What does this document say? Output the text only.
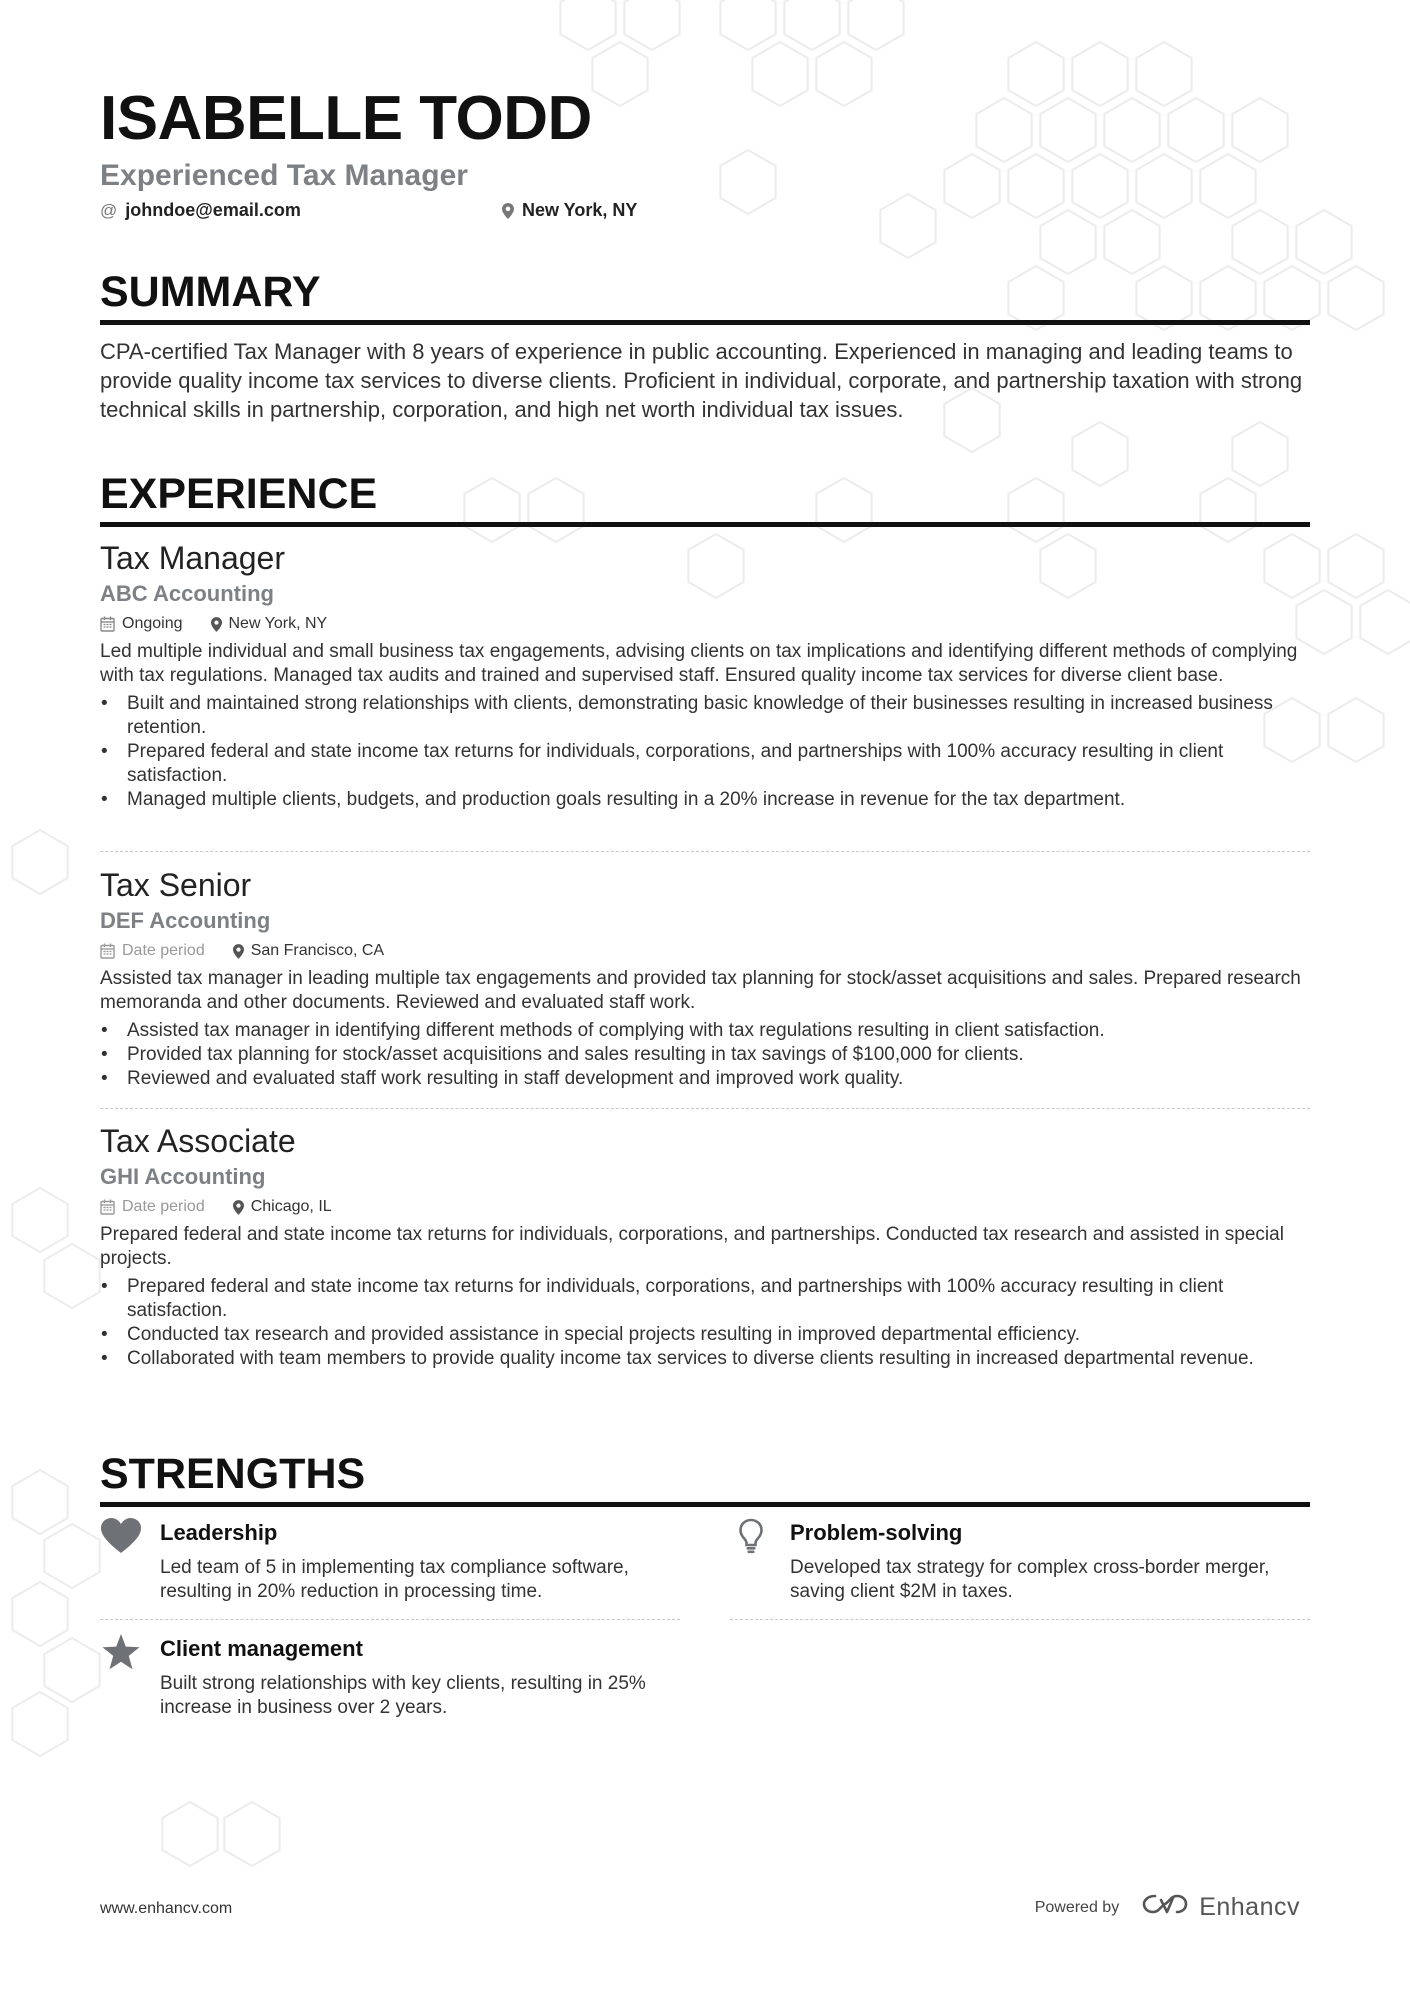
ISABELLE TODD
Experienced Tax Manager
@ johndoe@email.com	New York, NY
SUMMARY
CPA-certified Tax Manager with 8 years of experience in public accounting. Experienced in managing and leading teams to provide quality income tax services to diverse clients. Proficient in individual, corporate, and partnership taxation with strong technical skills in partnership, corporation, and high net worth individual tax issues.
EXPERIENCE
Tax Manager
ABC Accounting
Ongoing	New York, NY
Led multiple individual and small business tax engagements, advising clients on tax implications and identifying different methods of complying with tax regulations. Managed tax audits and trained and supervised staff. Ensured quality income tax services for diverse client base.
• Built and maintained strong relationships with clients, demonstrating basic knowledge of their businesses resulting in increased business retention.
• Prepared federal and state income tax returns for individuals, corporations, and partnerships with 100% accuracy resulting in client satisfaction.
• Managed multiple clients, budgets, and production goals resulting in a 20% increase in revenue for the tax department.
Tax Senior
DEF Accounting
Date period	San Francisco, CA
Assisted tax manager in leading multiple tax engagements and provided tax planning for stock/asset acquisitions and sales. Prepared research memoranda and other documents. Reviewed and evaluated staff work.
• Assisted tax manager in identifying different methods of complying with tax regulations resulting in client satisfaction.
• Provided tax planning for stock/asset acquisitions and sales resulting in tax savings of $100,000 for clients.
• Reviewed and evaluated staff work resulting in staff development and improved work quality.
Tax Associate
GHI Accounting
Date period	Chicago, IL
Prepared federal and state income tax returns for individuals, corporations, and partnerships. Conducted tax research and assisted in special projects.
• Prepared federal and state income tax returns for individuals, corporations, and partnerships with 100% accuracy resulting in client satisfaction.
• Conducted tax research and provided assistance in special projects resulting in improved departmental efficiency.
• Collaborated with team members to provide quality income tax services to diverse clients resulting in increased departmental revenue.
STRENGTHS
Leadership
Led team of 5 in implementing tax compliance software, resulting in 20% reduction in processing time.
Problem-solving
Developed tax strategy for complex cross-border merger, saving client $2M in taxes.
Client management
Built strong relationships with key clients, resulting in 25% increase in business over 2 years.
www.enhancv.com	Powered by	Enhancv
